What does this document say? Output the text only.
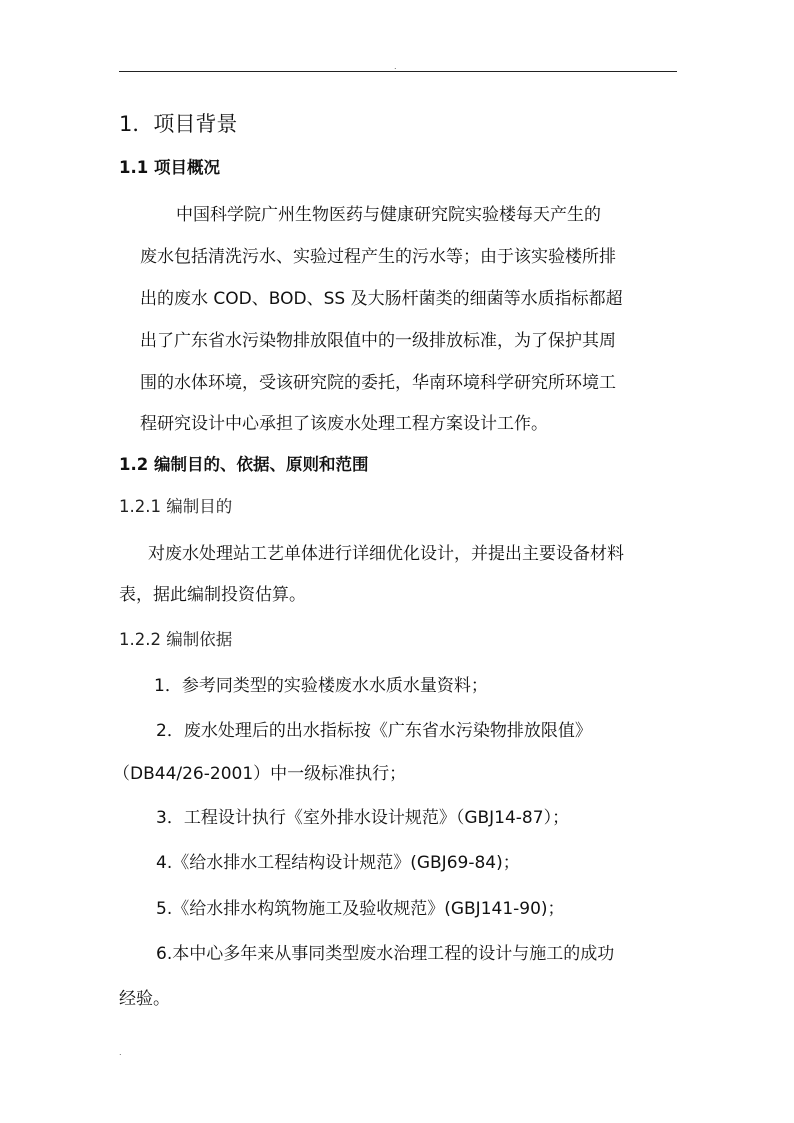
.
1．项目背景
1.1 项目概况
中国科学院广州生物医药与健康研究院实验楼每天产生的
废水包括清洗污水、实验过程产生的污水等；由于该实验楼所排
出的废水 COD、BOD、SS 及大肠杆菌类的细菌等水质指标都超
出了广东省水污染物排放限值中的一级排放标准，为了保护其周
围的水体环境，受该研究院的委托，华南环境科学研究所环境工
程研究设计中心承担了该废水处理工程方案设计工作。
1.2 编制目的、依据、原则和范围
1.2.1 编制目的
对废水处理站工艺单体进行详细优化设计，并提出主要设备材料
表，据此编制投资估算。
1.2.2 编制依据
1．参考同类型的实验楼废水水质水量资料；
2．废水处理后的出水指标按《广东省水污染物排放限值》
（DB44/26-2001）中一级标准执行；
3．工程设计执行《室外排水设计规范》（GBJ14-87）；
4.《给水排水工程结构设计规范》(GBJ69-84)；
5.《给水排水构筑物施工及验收规范》(GBJ141-90)；
6.本中心多年来从事同类型废水治理工程的设计与施工的成功
经验。
.
